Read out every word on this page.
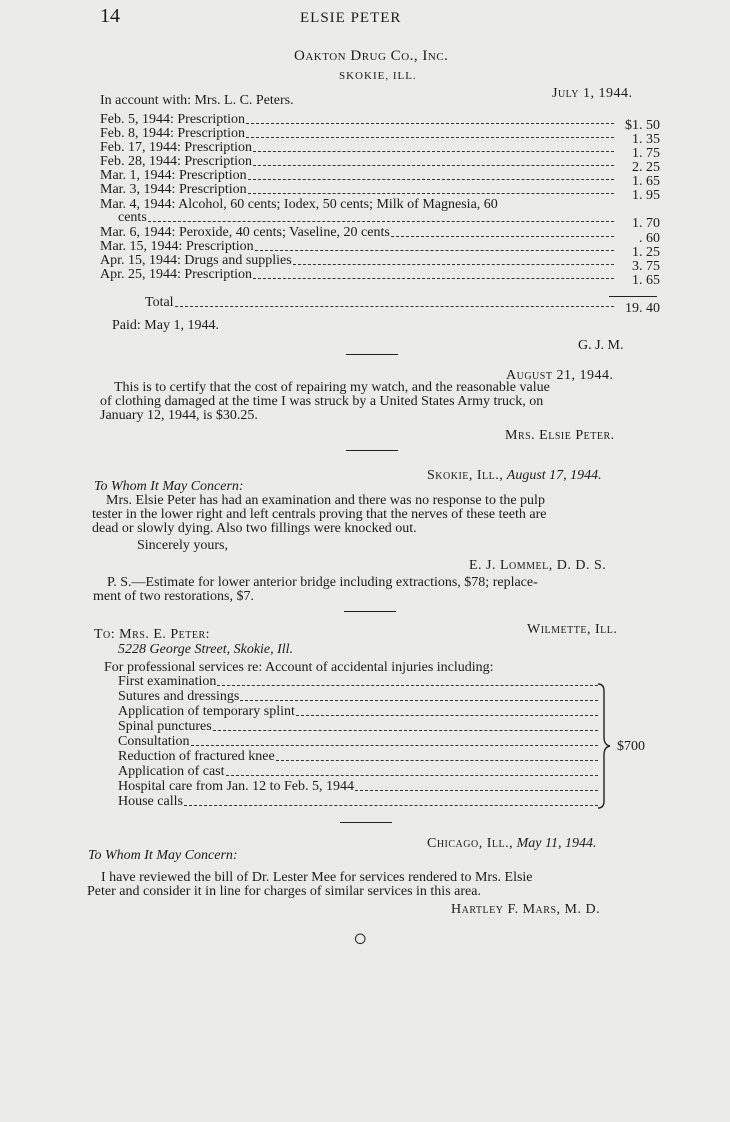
14	ELSIE PETER
Oakton Drug Co., Inc.
SKOKIE, ILL.
July 1, 1944.
In account with: Mrs. L. C. Peters.
Feb. 5, 1944: Prescription	$1. 50
Feb. 8, 1944: Prescription	1. 35
Feb. 17, 1944: Prescription	1. 75
Feb. 28, 1944: Prescription	2. 25
Mar. 1, 1944: Prescription	1. 65
Mar. 3, 1944: Prescription	1. 95
Mar. 4, 1944: Alcohol, 60 cents; Iodex, 50 cents; Milk of Magnesia, 60
cents	1. 70
Mar. 6, 1944: Peroxide, 40 cents; Vaseline, 20 cents	. 60
Mar. 15, 1944: Prescription	1. 25
Apr. 15, 1944: Drugs and supplies	3. 75
Apr. 25, 1944: Prescription	1. 65
Total	19. 40
Paid: May 1, 1944.
G. J. M.
August 21, 1944.

This is to certify that the cost of repairing my watch, and the reasonable value

of clothing damaged at the time I was struck by a United States Army truck, on

January 12, 1944, is $30.25.

Mrs. Elsie Peter.
Skokie, Ill., August 17, 1944.
To Whom It May Concern:

Mrs. Elsie Peter has had an examination and there was no response to the pulp

tester in the lower right and left centrals proving that the nerves of these teeth are

dead or slowly dying. Also two fillings were knocked out.

Sincerely yours,
E. J. Lommel, D. D. S.

P. S.—Estimate for lower anterior bridge including extractions, $78; replace-

ment of two restorations, $7.

Wilmette, Ill.
To: Mrs. E. Peter:
5228 George Street, Skokie, Ill.
For professional services re: Account of accidental injuries including:
First examination
Sutures and dressings
Application of temporary splint
Spinal punctures
Consultation
Reduction of fractured knee
Application of cast
Hospital care from Jan. 12 to Feb. 5, 1944
House calls
$700
Chicago, Ill., May 11, 1944.
To Whom It May Concern:

I have reviewed the bill of Dr. Lester Mee for services rendered to Mrs. Elsie

Peter and consider it in line for charges of similar services in this area.

Hartley F. Mars, M. D.
○
